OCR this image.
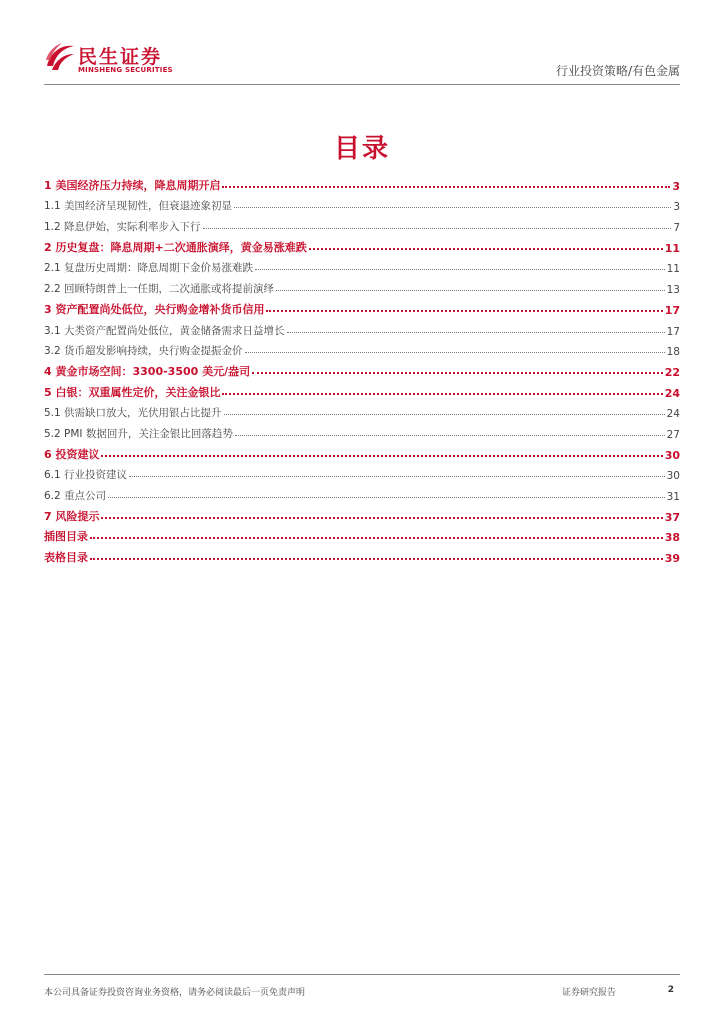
民生证券
MINSHENG SECURITIES	行业投资策略/有色金属
目录
1 美国经济压力持续，降息周期开启	3
1.1 美国经济呈现韧性，但衰退迹象初显	3
1.2 降息伊始，实际利率步入下行	7
2 历史复盘：降息周期+二次通胀演绎，黄金易涨难跌	11
2.1 复盘历史周期：降息周期下金价易涨难跌	11
2.2 回顾特朗普上一任期，二次通胀或将提前演绎	13
3 资产配置尚处低位，央行购金增补货币信用	17
3.1 大类资产配置尚处低位，黄金储备需求日益增长	17
3.2 货币超发影响持续，央行购金提振金价	18
4 黄金市场空间：3300-3500 美元/盎司	22
5 白银：双重属性定价，关注金银比	24
5.1 供需缺口放大，光伏用银占比提升	24
5.2 PMI 数据回升，关注金银比回落趋势	27
6 投资建议	30
6.1 行业投资建议	30
6.2 重点公司	31
7 风险提示	37
插图目录	38
表格目录	39
本公司具备证券投资咨询业务资格，请务必阅读最后一页免责声明	证券研究报告	2
